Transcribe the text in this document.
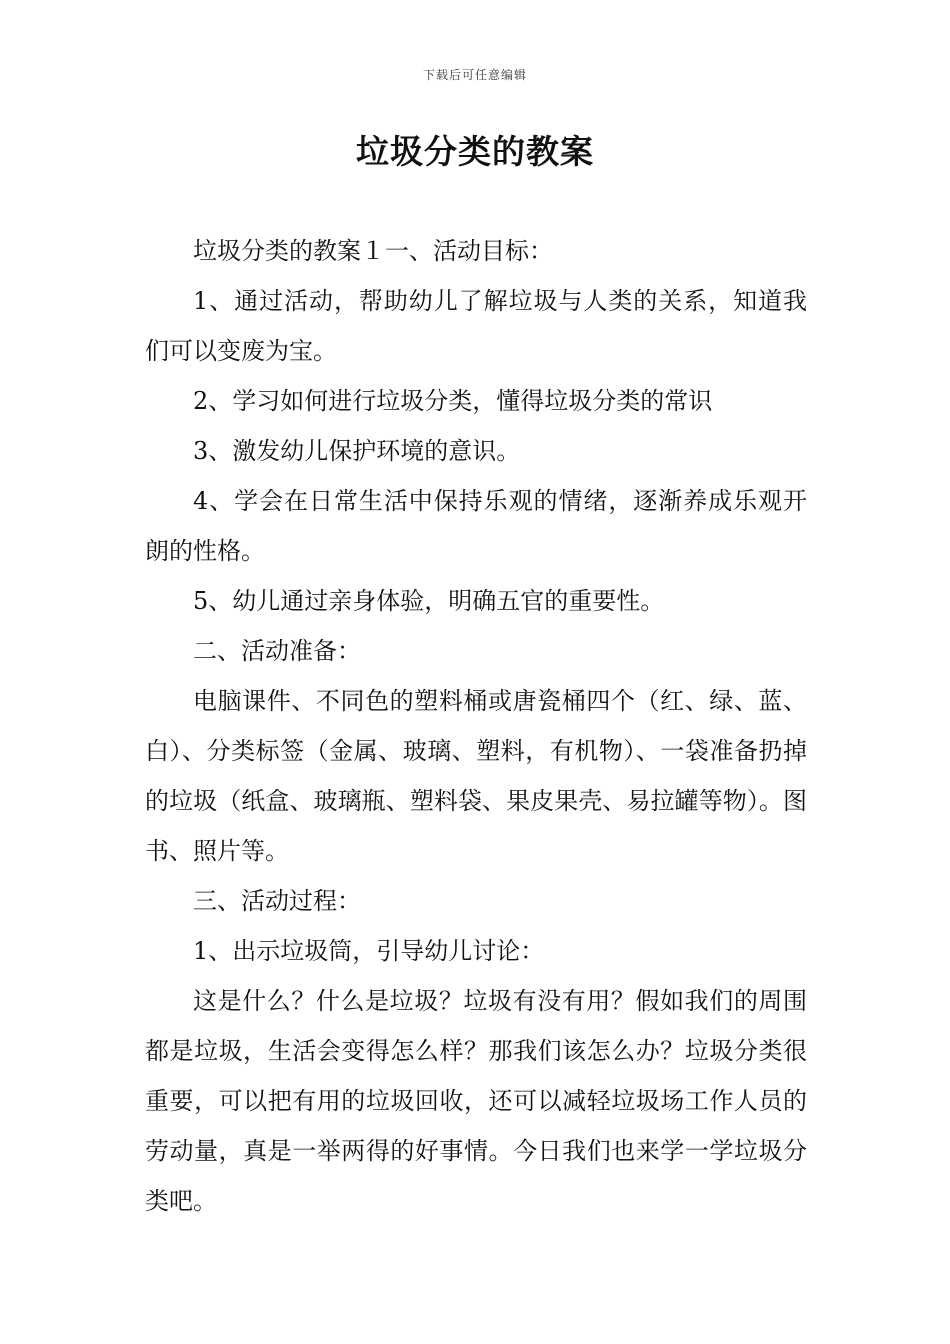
下载后可任意编辑
垃圾分类的教案

垃圾分类的教案１一、活动目标：

1、通过活动，帮助幼儿了解垃圾与人类的关系，知道我们可以变废为宝。

2、学习如何进行垃圾分类，懂得垃圾分类的常识

3、激发幼儿保护环境的意识。

4、学会在日常生活中保持乐观的情绪，逐渐养成乐观开朗的性格。

5、幼儿通过亲身体验，明确五官的重要性。

二、活动准备：

电脑课件、不同色的塑料桶或唐瓷桶四个（红、绿、蓝、白）、分类标签（金属、玻璃、塑料，有机物）、一袋准备扔掉的垃圾（纸盒、玻璃瓶、塑料袋、果皮果壳、易拉罐等物）。图书、照片等。

三、活动过程：

1、出示垃圾筒，引导幼儿讨论：

这是什么？什么是垃圾？垃圾有没有用？假如我们的周围都是垃圾，生活会变得怎么样？那我们该怎么办？垃圾分类很重要，可以把有用的垃圾回收，还可以减轻垃圾场工作人员的劳动量，真是一举两得的好事情。今日我们也来学一学垃圾分类吧。
